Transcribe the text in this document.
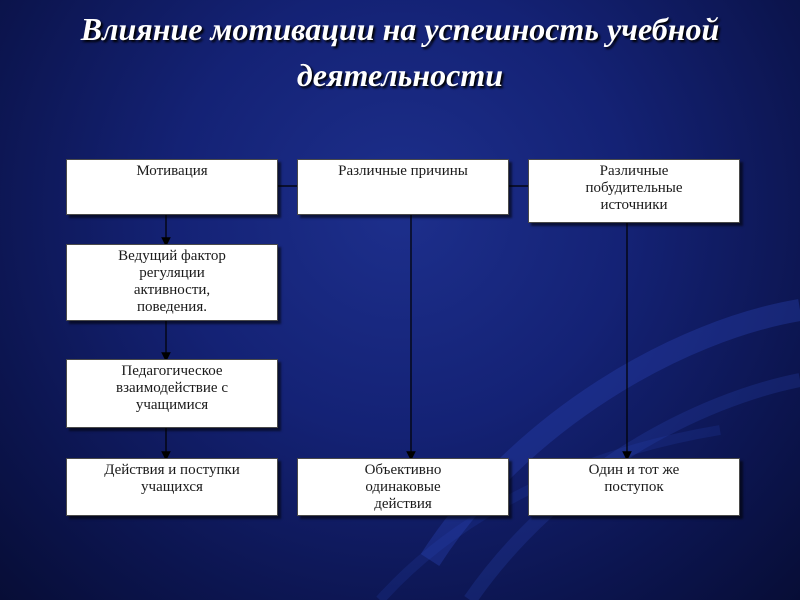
Влияние мотивации на успешность учебной деятельности
Мотивация	Различные причины	Различные
побудительные
источники
Ведущий фактор
регуляции
активности,
поведения.
Педагогическое
взаимодействие с
учащимися
Действия и поступки
учащихся
Объективно
одинаковые
действия
Один и тот же
поступок
